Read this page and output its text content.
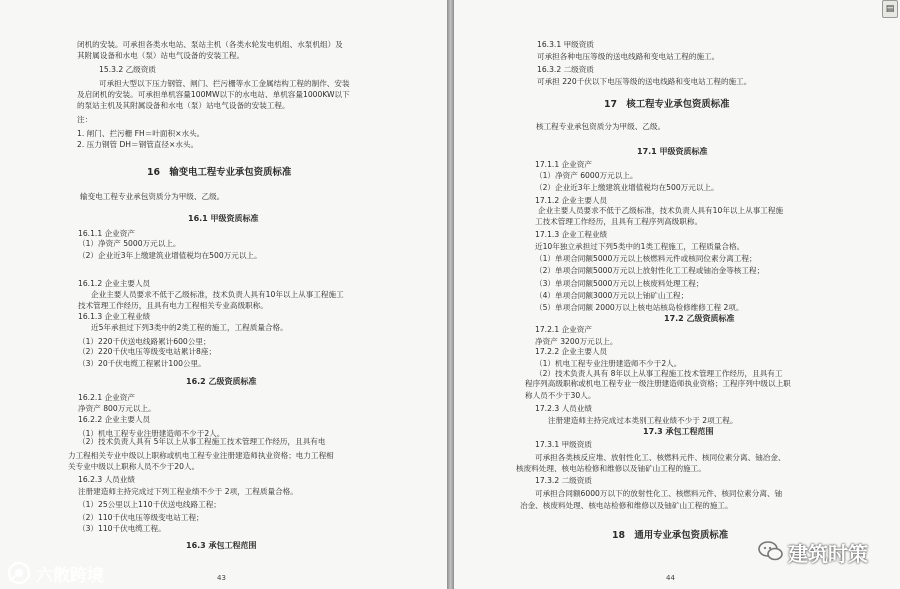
闭机的安装。可承担各类水电站、泵站主机（各类水轮发电机组、水泵机组）及
其附属设备和水电（泵）站电气设备的安装工程。
15.3.2 乙级资质
可承担大型以下压力钢管、闸门、拦污栅等水工金属结构工程的制作、安装
及启闭机的安装。可承担单机容量100MW以下的水电站、单机容量1000KW以下
的泵站主机及其附属设备和水电（泵）站电气设备的安装工程。
注：
1. 闸门、拦污栅 FH＝叶面积×水头。
2. 压力钢管 DH＝钢管直径×水头。
16　输变电工程专业承包资质标准
输变电工程专业承包资质分为甲级、乙级。
16.1 甲级资质标准
16.1.1 企业资产
（1）净资产 5000万元以上。
（2）企业近3年上缴建筑业增值税均在500万元以上。
16.1.2 企业主要人员
企业主要人员要求不低于乙级标准，技术负责人具有10年以上从事工程施工
技术管理工作经历，且具有电力工程相关专业高级职称。
16.1.3 企业工程业绩
近5年承担过下列3类中的2类工程的施工，工程质量合格。
（1）220千伏送电线路累计600公里；
（2）220千伏电压等级变电站累计8座；
（3）20千伏电缆工程累计100公里。
16.2 乙级资质标准
16.2.1 企业资产
净资产 800万元以上。
16.2.2 企业主要人员
（1）机电工程专业注册建造师不少于2人。
（2）技术负责人具有 5年以上从事工程施工技术管理工作经历，且具有电
力工程相关专业中级以上职称或机电工程专业注册建造师执业资格；电力工程相
关专业中级以上职称人员不少于20人。
16.2.3 人员业绩
注册建造师主持完成过下列工程业绩不少于 2项，工程质量合格。
（1）25公里以上110千伏送电线路工程；
（2）110千伏电压等级变电站工程；
（3）110千伏电缆工程。
16.3 承包工程范围
16.3.1 甲级资质
可承担各种电压等级的送电线路和变电站工程的施工。
16.3.2 二级资质
可承担 220千伏以下电压等级的送电线路和变电站工程的施工。
17　核工程专业承包资质标准
核工程专业承包资质分为甲级、乙级。
17.1 甲级资质标准
17.1.1 企业资产
（1）净资产 6000万元以上。
（2）企业近3年上缴建筑业增值税均在500万元以上。
17.1.2 企业主要人员
企业主要人员要求不低于乙级标准，技术负责人具有10年以上从事工程施
工技术管理工作经历，且具有工程序列高级职称。
17.1.3 企业工程业绩
近10年独立承担过下列5类中的1类工程施工，工程质量合格。
（1）单项合同额5000万元以上核燃料元件或核同位素分离工程；
（2）单项合同额5000万元以上放射性化工工程或铀冶金等核工程；
（3）单项合同额5000万元以上核废料处理工程；
（4）单项合同额3000万元以上铀矿山工程；
（5）单项合同额 2000万以上核电站核岛检修维修工程 2项。
17.2 乙级资质标准
17.2.1 企业资产
净资产 3200万元以上。
17.2.2 企业主要人员
（1）机电工程专业注册建造师不少于2人。
（2）技术负责人具有 8年以上从事工程施工技术管理工作经历，且具有工
程序列高级职称或机电工程专业一级注册建造师执业资格；工程序列中级以上职
称人员不少于30人。
17.2.3 人员业绩
注册建造师主持完成过本类别工程业绩不少于 2项工程。
17.3 承包工程范围
17.3.1 甲级资质
可承担各类核反应堆、放射性化工、核燃料元件、核同位素分离、铀冶金、
核废料处理、核电站检修和维修以及铀矿山工程的施工。
17.3.2 二级资质
可承担合同额6000万以下的放射性化工、核燃料元件、核同位素分离、铀
冶金、核废料处理、核电站检修和维修以及铀矿山工程的施工。
18　通用专业承包资质标准
43	44
六散跨境
建筑时策
▤
